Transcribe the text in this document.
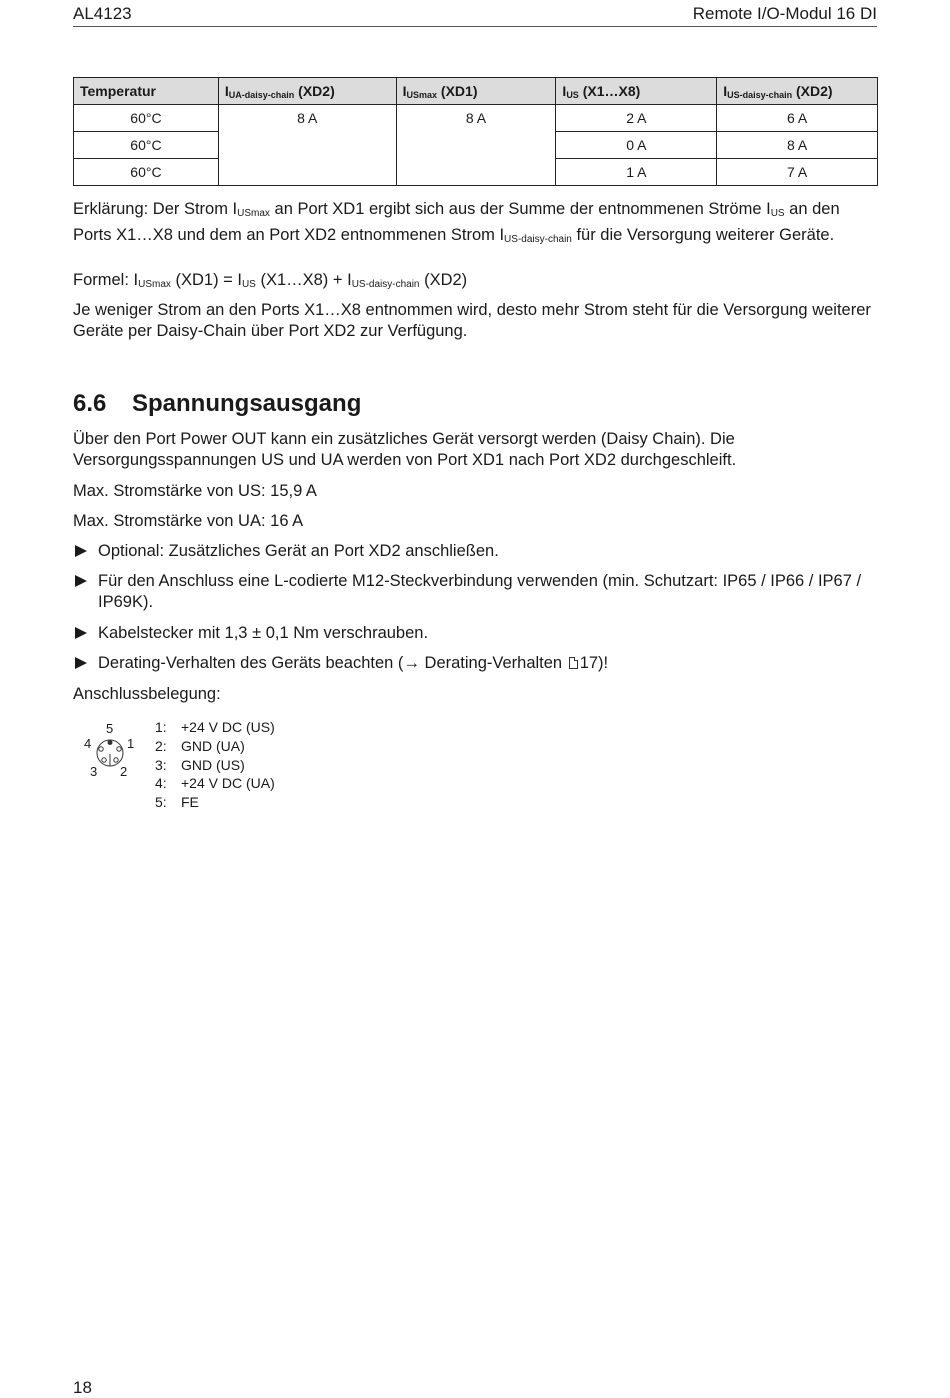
AL4123	Remote I/O-Modul 16 DI
Temperatur	$I_{UA-daisy-chain}$ (XD2)	$I_{USmax}$ (XD1)	$I_{US}$ (X1…X8)	$I_{US-daisy-chain}$ (XD2)
60°C	8 A	8 A	2 A	6 A
60°C			0 A	8 A
60°C			1 A	7 A
Erklärung: Der Strom $I_{USmax}$ an Port XD1 ergibt sich aus der Summe der entnommenen Ströme $I_{US}$ an den Ports X1…X8 und dem an Port XD2 entnommenen Strom $I_{US-daisy-chain}$ für die Versorgung weiterer Geräte.
Formel: $I_{USmax}$ $(XD1) = I_{US}$ (X1…X8) + $I_{US-daisy-chain}$ (XD2)
Je weniger Strom an den Ports X1…X8 entnommen wird, desto mehr Strom steht für die Versorgung weiterer Geräte per Daisy-Chain über Port XD2 zur Verfügung.
6.6 Spannungsausgang
Über den Port Power OUT kann ein zusätzliches Gerät versorgt werden (Daisy Chain). Die Versorgungsspannungen US und UA werden von Port XD1 nach Port XD2 durchgeschleift.
Max. Stromstärke von US: 15,9 A
Max. Stromstärke von UA: 16 A
Optional: Zusätzliches Gerät an Port XD2 anschließen.
Für den Anschluss eine L-codierte M12-Steckverbindung verwenden (min. Schutzart: IP65 / IP66 / IP67 / IP69K).
Kabelstecker mit 1,3 ± 0,1 Nm verschrauben.
Derating-Verhalten des Geräts beachten (→ Derating-Verhalten 17)!
Anschlussbelegung:
5
4	1
3 2
1: +24 V DC (US)
2: GND (UA)
3: GND (US)
4: +24 V DC (UA)
5: FE
18
